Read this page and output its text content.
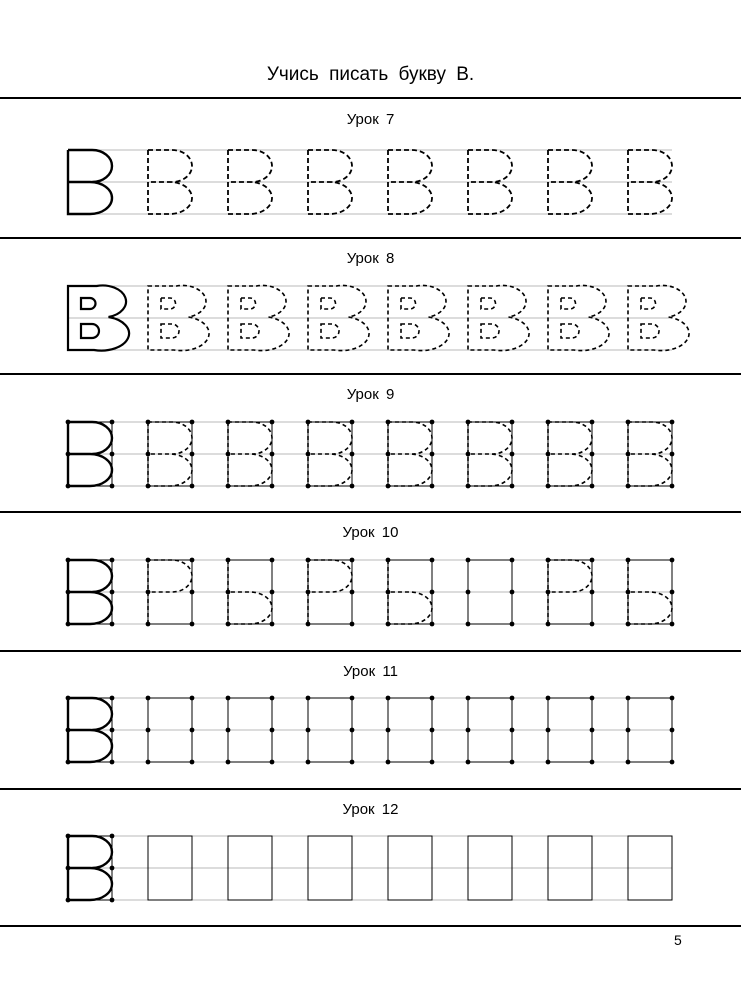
Учись писать букву В.
Урок 7
Урок 8
Урок 9
Урок 10
Урок 11
Урок 12
5
